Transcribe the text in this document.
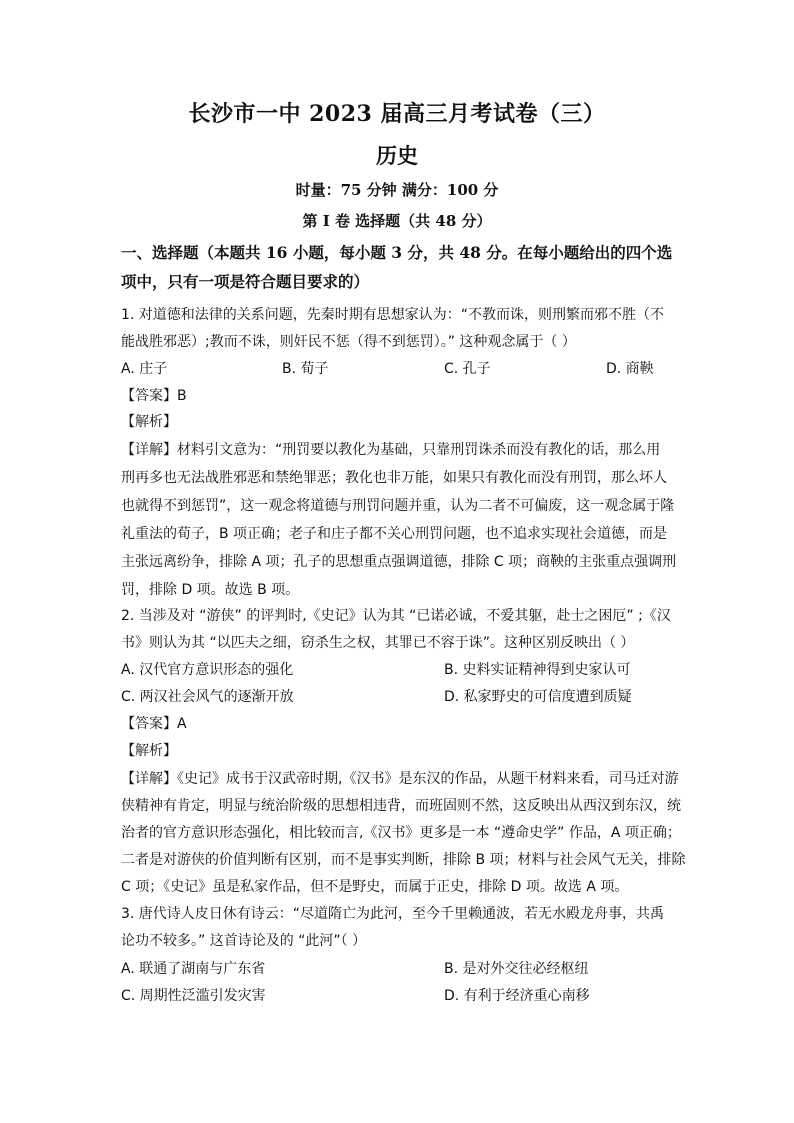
长沙市一中 2023 届高三月考试卷（三）
历史
时量：75 分钟 满分：100 分
第 I 卷 选择题（共 48 分）
一、选择题（本题共 16 小题，每小题 3 分，共 48 分。在每小题给出的四个选
项中，只有一项是符合题目要求的）
1. 对道德和法律的关系问题，先秦时期有思想家认为：“不教而诛，则刑繁而邪不胜（不
能战胜邪恶）;教而不诛，则奸民不惩（得不到惩罚）。” 这种观念属于（ ）
A. 庄子	B. 荀子	C. 孔子	D. 商鞅
【答案】B
【解析】
【详解】材料引文意为：“刑罚要以教化为基础，只靠刑罚诛杀而没有教化的话，那么用
刑再多也无法战胜邪恶和禁绝罪恶；教化也非万能，如果只有教化而没有刑罚，那么坏人
也就得不到惩罚”，这一观念将道德与刑罚问题并重，认为二者不可偏废，这一观念属于隆
礼重法的荀子，B 项正确；老子和庄子都不关心刑罚问题，也不追求实现社会道德，而是
主张远离纷争，排除 A 项；孔子的思想重点强调道德，排除 C 项；商鞅的主张重点强调刑
罚，排除 D 项。故选 B 项。
2. 当涉及对 “游侠” 的评判时,《史记》认为其 “已诺必诚，不爱其躯，赴士之困厄” ;《汉
书》则认为其 “以匹夫之细，窃杀生之权，其罪已不容于诛”。这种区别反映出（ ）
A. 汉代官方意识形态的强化	B. 史料实证精神得到史家认可
C. 两汉社会风气的逐渐开放	D. 私家野史的可信度遭到质疑
【答案】A
【解析】
【详解】《史记》成书于汉武帝时期,《汉书》是东汉的作品，从题干材料来看，司马迁对游
侠精神有肯定，明显与统治阶级的思想相违背，而班固则不然，这反映出从西汉到东汉，统
治者的官方意识形态强化，相比较而言,《汉书》更多是一本 “遵命史学” 作品，A 项正确；
二者是对游侠的价值判断有区别，而不是事实判断，排除 B 项；材料与社会风气无关，排除
C 项；《史记》虽是私家作品，但不是野史，而属于正史，排除 D 项。故选 A 项。
3. 唐代诗人皮日休有诗云：“尽道隋亡为此河，至今千里赖通波，若无水殿龙舟事，共禹
论功不较多。” 这首诗论及的 “此河”（ ）
A. 联通了湖南与广东省	B. 是对外交往必经枢纽
C. 周期性泛滥引发灾害	D. 有利于经济重心南移
